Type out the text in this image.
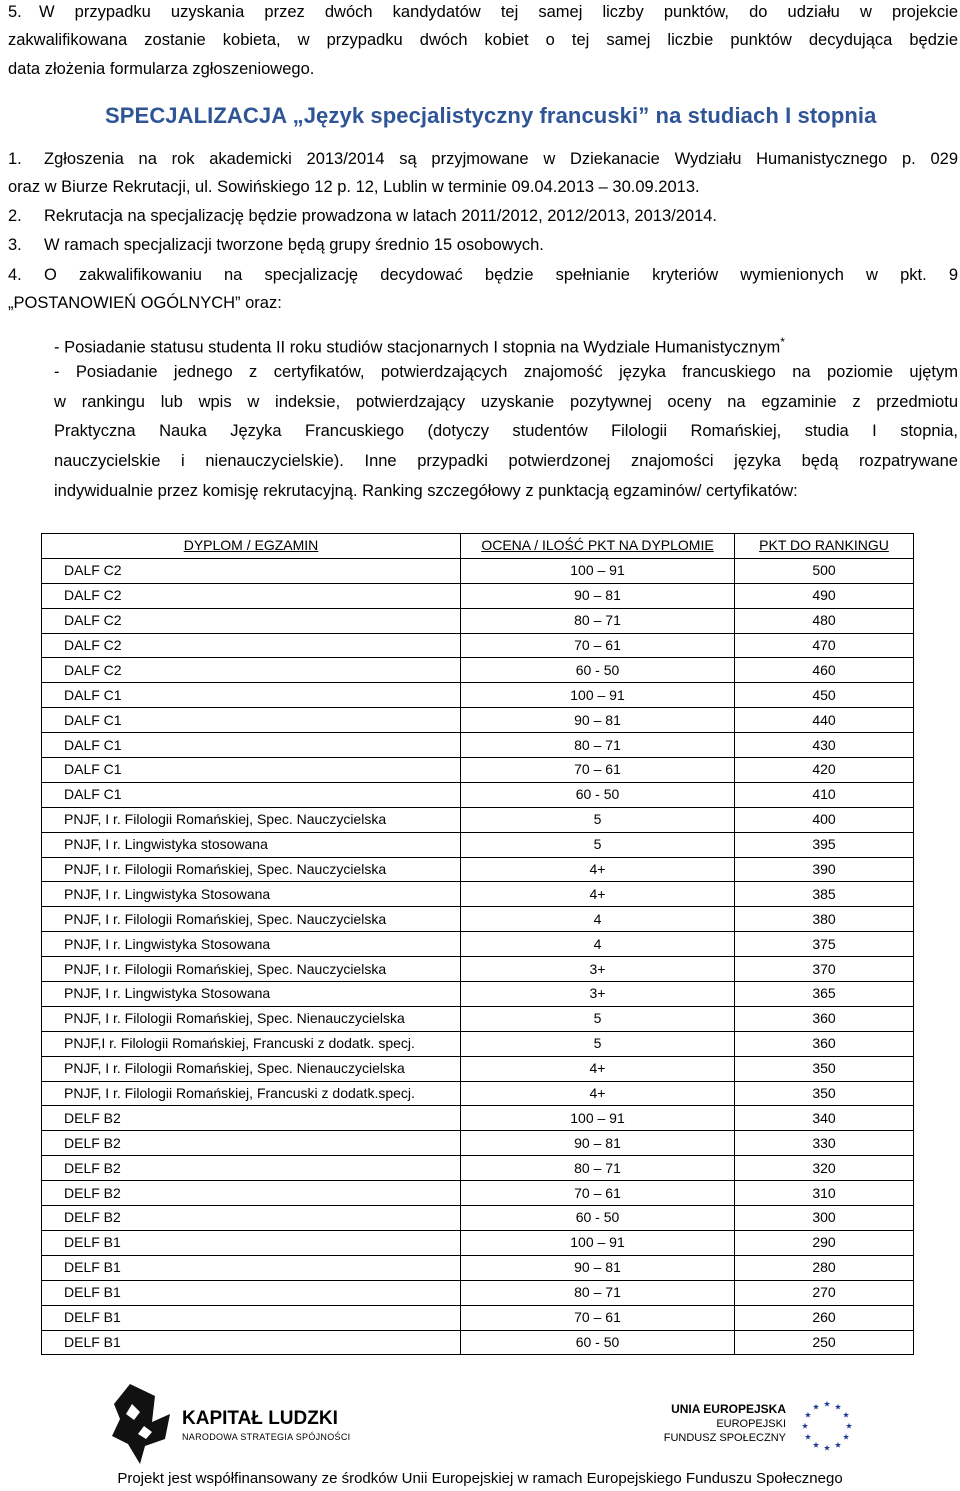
5. W przypadku uzyskania przez dwóch kandydatów tej samej liczby punktów, do udziału w projekcie
zakwalifikowana zostanie kobieta, w przypadku dwóch kobiet o tej samej liczbie punktów decydująca będzie
data złożenia formularza zgłoszeniowego.
SPECJALIZACJA „Język specjalistyczny francuski” na studiach I stopnia
1. Zgłoszenia na rok akademicki 2013/2014 są przyjmowane w Dziekanacie Wydziału Humanistycznego p. 029
oraz w Biurze Rekrutacji, ul. Sowińskiego 12 p. 12, Lublin w terminie 09.04.2013 – 30.09.2013.
2. Rekrutacja na specjalizację będzie prowadzona w latach 2011/2012, 2012/2013, 2013/2014.
3. W ramach specjalizacji tworzone będą grupy średnio 15 osobowych.
4. O zakwalifikowaniu na specjalizację decydować będzie spełnianie kryteriów wymienionych w pkt. 9
„POSTANOWIEŃ OGÓLNYCH” oraz:
- Posiadanie statusu studenta II roku studiów stacjonarnych I stopnia na Wydziale Humanistycznym*
- Posiadanie jednego z certyfikatów, potwierdzających znajomość języka francuskiego na poziomie ujętym
w rankingu lub wpis w indeksie, potwierdzający uzyskanie pozytywnej oceny na egzaminie z przedmiotu
Praktyczna Nauka Języka Francuskiego (dotyczy studentów Filologii Romańskiej, studia I stopnia,
nauczycielskie i nienauczycielskie). Inne przypadki potwierdzonej znajomości języka będą rozpatrywane
indywidualnie przez komisję rekrutacyjną. Ranking szczegółowy z punktacją egzaminów/ certyfikatów:
DYPLOM / EGZAMIN	OCENA / ILOŚĆ PKT NA DYPLOMIE	PKT DO RANKINGU
DALF C2	100 – 91	500
DALF C2	90 – 81	490
DALF C2	80 – 71	480
DALF C2	70 – 61	470
DALF C2	60 - 50	460
DALF C1	100 – 91	450
DALF C1	90 – 81	440
DALF C1	80 – 71	430
DALF C1	70 – 61	420
DALF C1	60 - 50	410
PNJF, I r. Filologii Romańskiej, Spec. Nauczycielska	5	400
PNJF, I r. Lingwistyka stosowana	5	395
PNJF, I r. Filologii Romańskiej, Spec. Nauczycielska	4+	390
PNJF, I r. Lingwistyka Stosowana	4+	385
PNJF, I r. Filologii Romańskiej, Spec. Nauczycielska	4	380
PNJF, I r. Lingwistyka Stosowana	4	375
PNJF, I r. Filologii Romańskiej, Spec. Nauczycielska	3+	370
PNJF, I r. Lingwistyka Stosowana	3+	365
PNJF, I r. Filologii Romańskiej, Spec. Nienauczycielska	5	360
PNJF,I r. Filologii Romańskiej, Francuski z dodatk. specj.	5	360
PNJF, I r. Filologii Romańskiej, Spec. Nienauczycielska	4+	350
PNJF, I r. Filologii Romańskiej, Francuski z dodatk.specj.	4+	350
DELF B2	100 – 91	340
DELF B2	90 – 81	330
DELF B2	80 – 71	320
DELF B2	70 – 61	310
DELF B2	60 - 50	300
DELF B1	100 – 91	290
DELF B1	90 – 81	280
DELF B1	80 – 71	270
DELF B1	70 – 61	260
DELF B1	60 - 50	250
KAPITAŁ LUDZKI
NARODOWA STRATEGIA SPÓJNOŚCI
UNIA EUROPEJSKA
EUROPEJSKI
FUNDUSZ SPOŁECZNY
Projekt jest współfinansowany ze środków Unii Europejskiej w ramach Europejskiego Funduszu Społecznego
